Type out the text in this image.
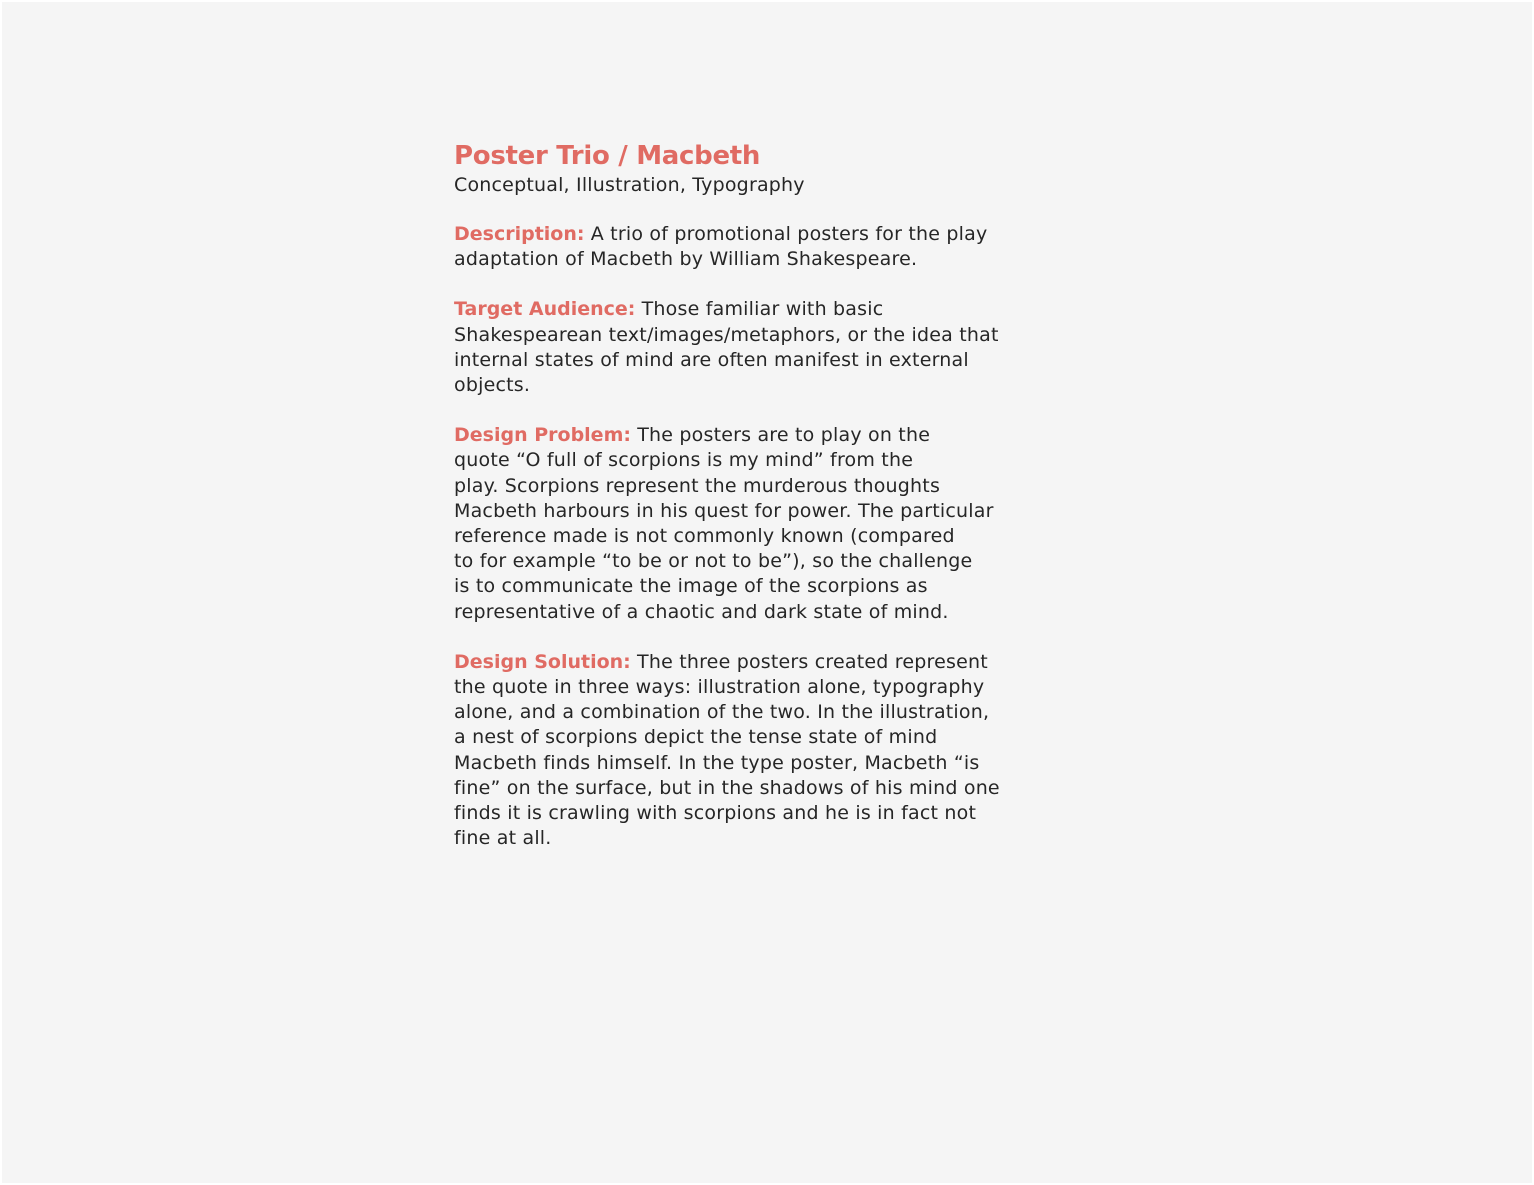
Poster Trio / Macbeth

Conceptual, Illustration, Typography

Description: A trio of promotional posters for the play
adaptation of Macbeth by William Shakespeare.

Target Audience: Those familiar with basic
Shakespearean text/images/metaphors, or the idea that
internal states of mind are often manifest in external
objects.

Design Problem: The posters are to play on the
quote “O full of scorpions is my mind” from the
play. Scorpions represent the murderous thoughts
Macbeth harbours in his quest for power. The particular
reference made is not commonly known (compared
to for example “to be or not to be”), so the challenge
is to communicate the image of the scorpions as
representative of a chaotic and dark state of mind.

Design Solution: The three posters created represent
the quote in three ways: illustration alone, typography
alone, and a combination of the two. In the illustration,
a nest of scorpions depict the tense state of mind
Macbeth finds himself. In the type poster, Macbeth “is
fine” on the surface, but in the shadows of his mind one
finds it is crawling with scorpions and he is in fact not
fine at all.
